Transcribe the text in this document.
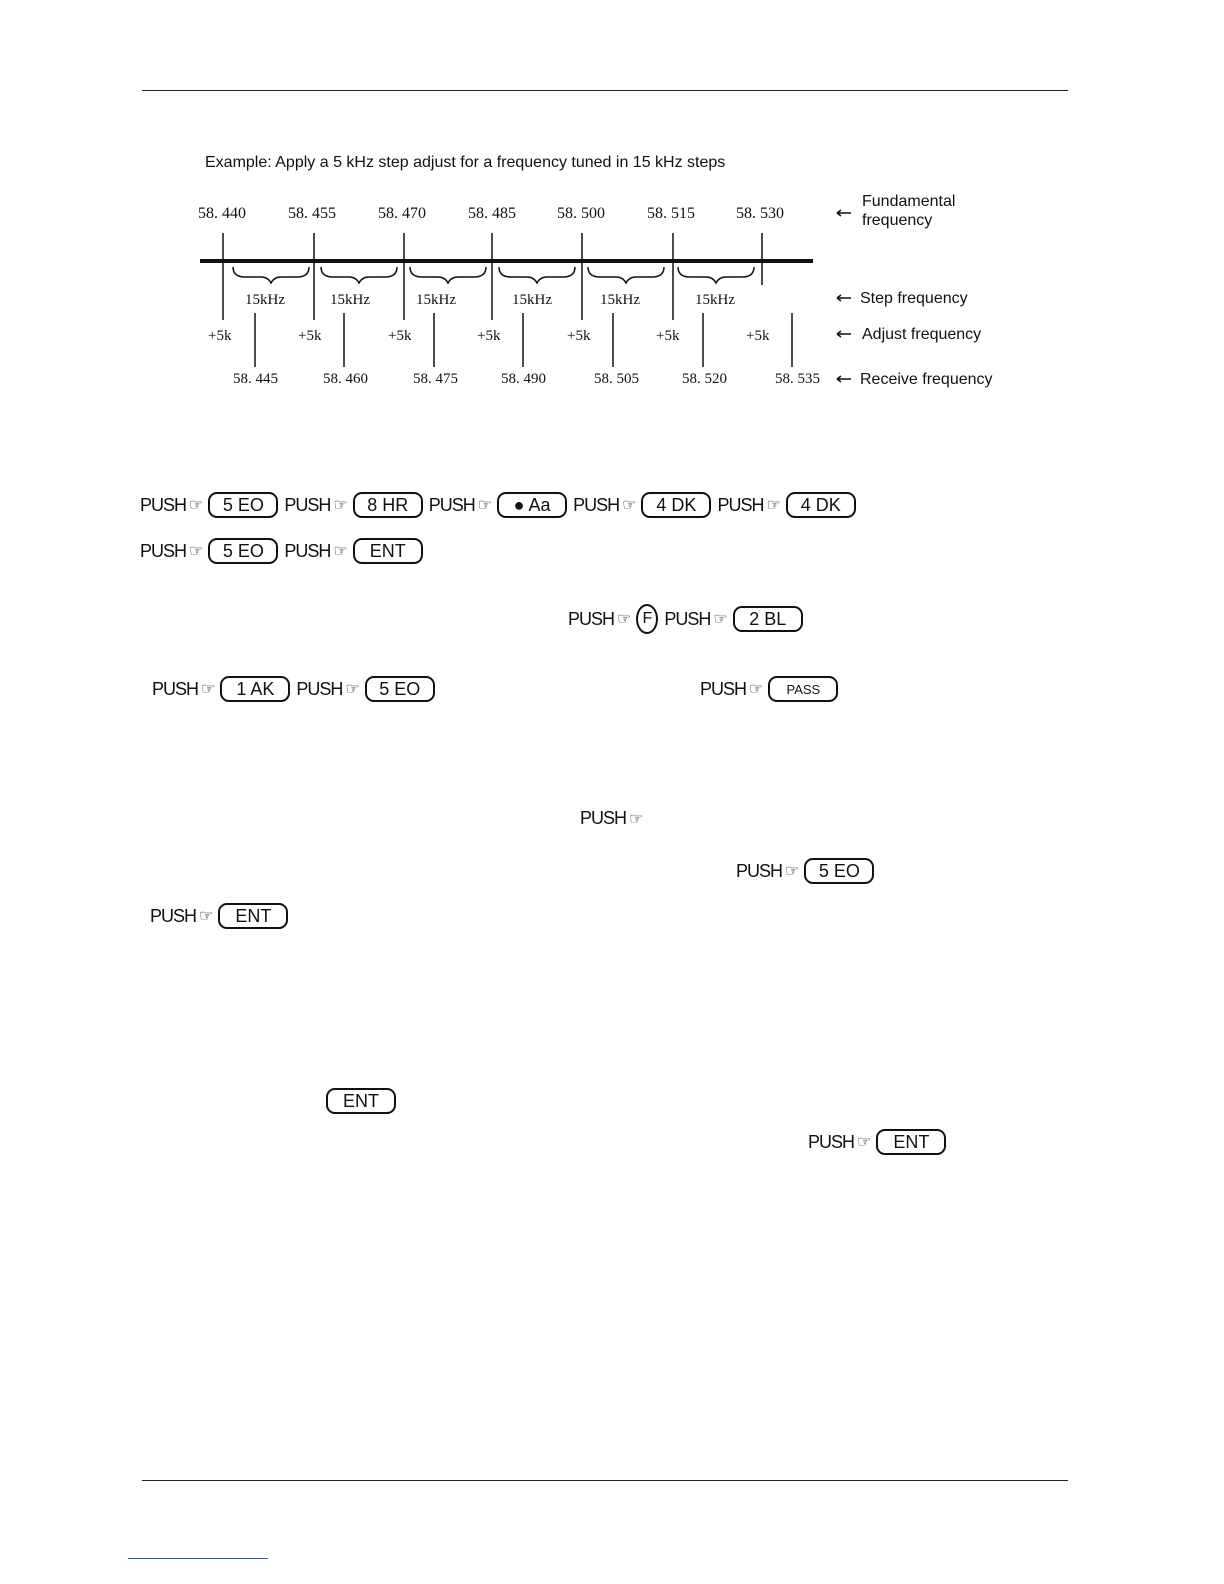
Example: Apply a 5 kHz step adjust for a frequency tuned in 15 kHz steps
58. 440	58. 455	58. 470	58. 485	58. 500	58. 515	58. 530
15kHz	15kHz	15kHz	15kHz	15kHz	15kHz
+5k	+5k	+5k	+5k	+5k	+5k	+5k
58. 445	58. 460	58. 475	58. 490	58. 505	58. 520	58. 535
Fundamental frequency
Step frequency
Adjust frequency
Receive frequency
PUSH ☞	5 EO	PUSH ☞	8 HR	PUSH ☞	● Aa	PUSH ☞	4 DK	PUSH ☞	4 DK
PUSH ☞	5 EO	PUSH ☞	ENT
PUSH ☞ F PUSH ☞	2 BL
PUSH ☞	1 AK	PUSH ☞	5 EO	PUSH ☞	PASS
PUSH ☞
PUSH ☞	5 EO
PUSH ☞	ENT
ENT
PUSH ☞	ENT
